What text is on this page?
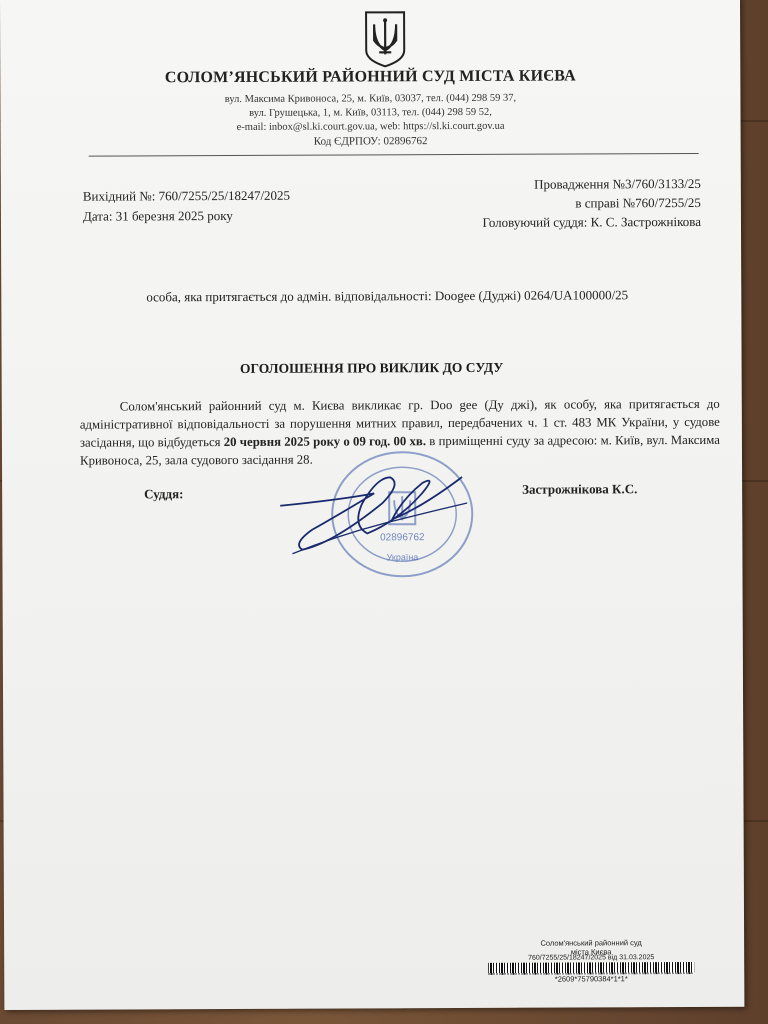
СОЛОМ’ЯНСЬКИЙ РАЙОННИЙ СУД МІСТА КИЄВА
вул. Максима Кривоноса, 25, м. Київ, 03037, тел. (044) 298 59 37,
вул. Грушецька, 1, м. Київ, 03113, тел. (044) 298 59 52,
e-mail: inbox@sl.ki.court.gov.ua, web: https://sl.ki.court.gov.ua
Код ЄДРПОУ: 02896762
Вихідний №: 760/7255/25/18247/2025
Дата: 31 березня 2025 року
Провадження №3/760/3133/25
в справі №760/7255/25
Головуючий суддя: К. С. Застрожнікова
особа, яка притягається до адмін. відповідальності: Doogee (Дуджі) 0264/UA100000/25
ОГОЛОШЕННЯ ПРО ВИКЛИК ДО СУДУ
Солом'янський районний суд м. Києва викликає гр. Doo gee (Ду джі), як особу, яка притягається до адміністративної відповідальності за порушення митних правил, передбачених ч. 1 ст. 483 МК України, у судове засідання, що відбудеться 20 червня 2025 року о 09 год. 00 хв. в приміщенні суду за адресою: м. Київ, вул. Максима Кривоноса, 25, зала судового засідання 28.
Суддя:	Застрожнікова К.С.
02896762
Україна
Солом'янський районний суд
міста Києва
760/7255/25/18247/2025 від 31.03.2025
*2609*75790384*1*1*
